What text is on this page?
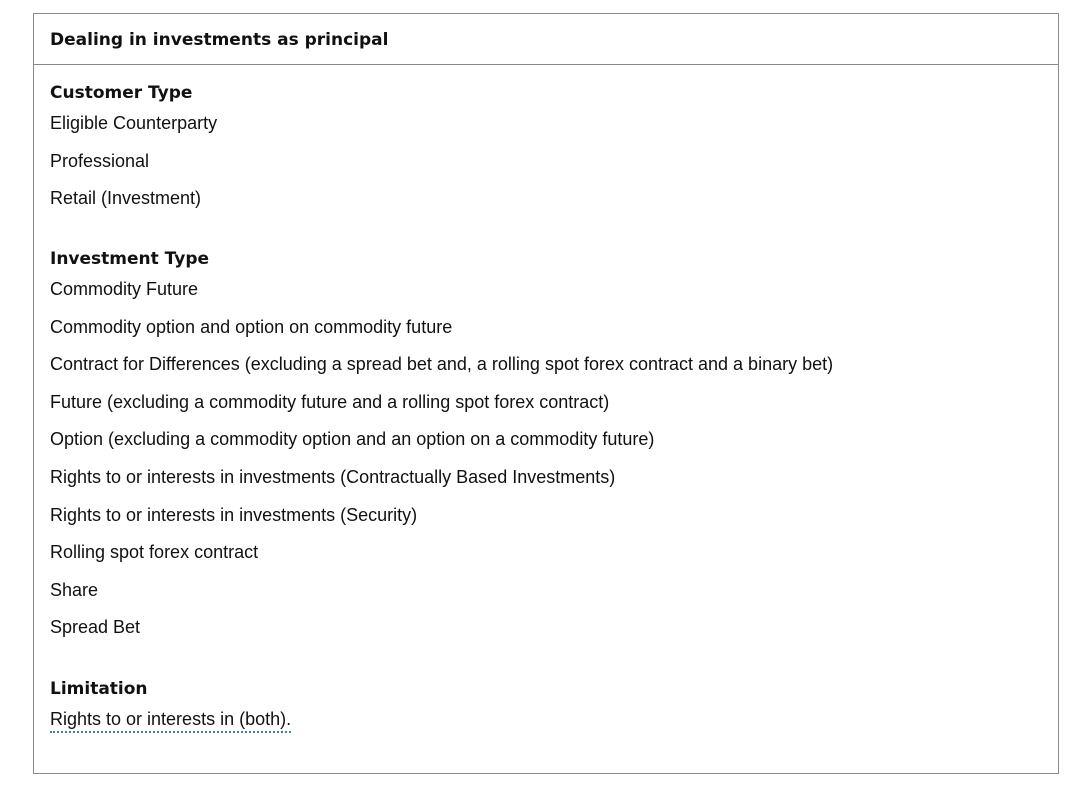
Dealing in investments as principal
Customer Type
Eligible Counterparty
Professional
Retail (Investment)
Investment Type
Commodity Future
Commodity option and option on commodity future
Contract for Differences (excluding a spread bet and, a rolling spot forex contract and a binary bet)
Future (excluding a commodity future and a rolling spot forex contract)
Option (excluding a commodity option and an option on a commodity future)
Rights to or interests in investments (Contractually Based Investments)
Rights to or interests in investments (Security)
Rolling spot forex contract
Share
Spread Bet
Limitation
Rights to or interests in (both).
